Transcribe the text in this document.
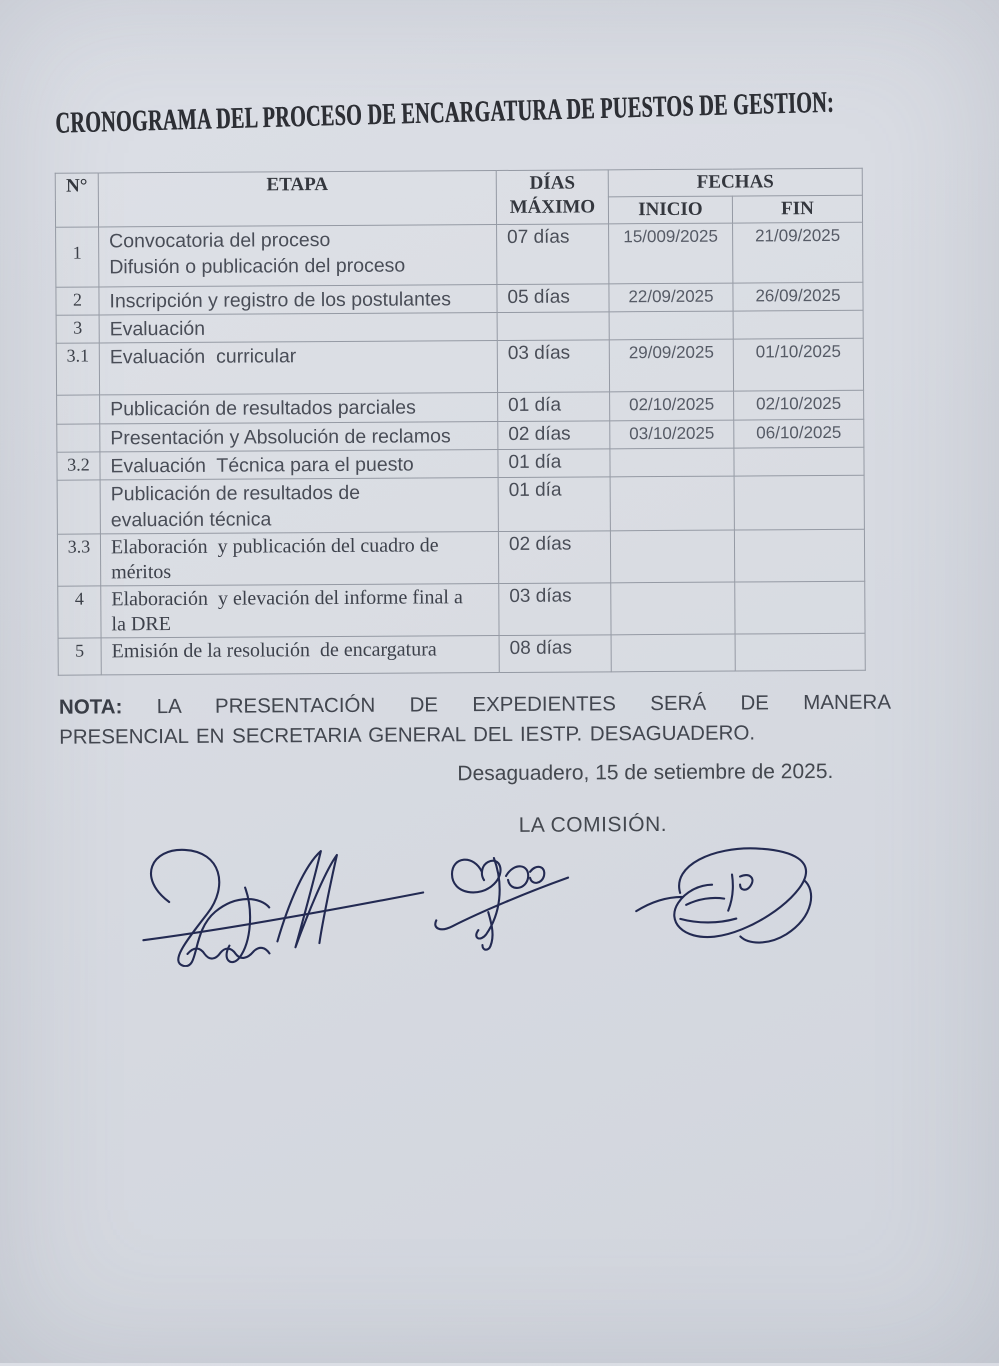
CRONOGRAMA DEL PROCESO DE ENCARGATURA DE PUESTOS DE GESTION:
N°	ETAPA	DÍAS
MÁXIMO	FECHAS	
			INICIO	FIN
1	Convocatoria del proceso
Difusión o publicación del proceso	07 días	15/009/2025	21/09/2025
2	Inscripción y registro de los postulantes	05 días	22/09/2025	26/09/2025
3	Evaluación			

3.1	Evaluación  curricular	03 días	29/09/2025	01/10/2025

	Publicación de resultados parciales	01 día	02/10/2025	02/10/2025

	Presentación y Absolución de reclamos	02 días	03/10/2025	06/10/2025
3.2	Evaluación  Técnica para el puesto	01 día		

	Publicación de resultados de
evaluación técnica	01 día		
3.3	Elaboración  y publicación del cuadro de
méritos	02 días		
4	Elaboración  y elevación del informe final a
la DRE	03 días		
5	Emisión de la resolución  de encargatura	08 días		
NOTA: LA PRESENTACIÓN DE EXPEDIENTES SERÁ DE MANERA
PRESENCIAL EN SECRETARIA GENERAL DEL IESTP. DESAGUADERO.

Desaguadero, 15 de setiembre de 2025.

LA COMISIÓN.
